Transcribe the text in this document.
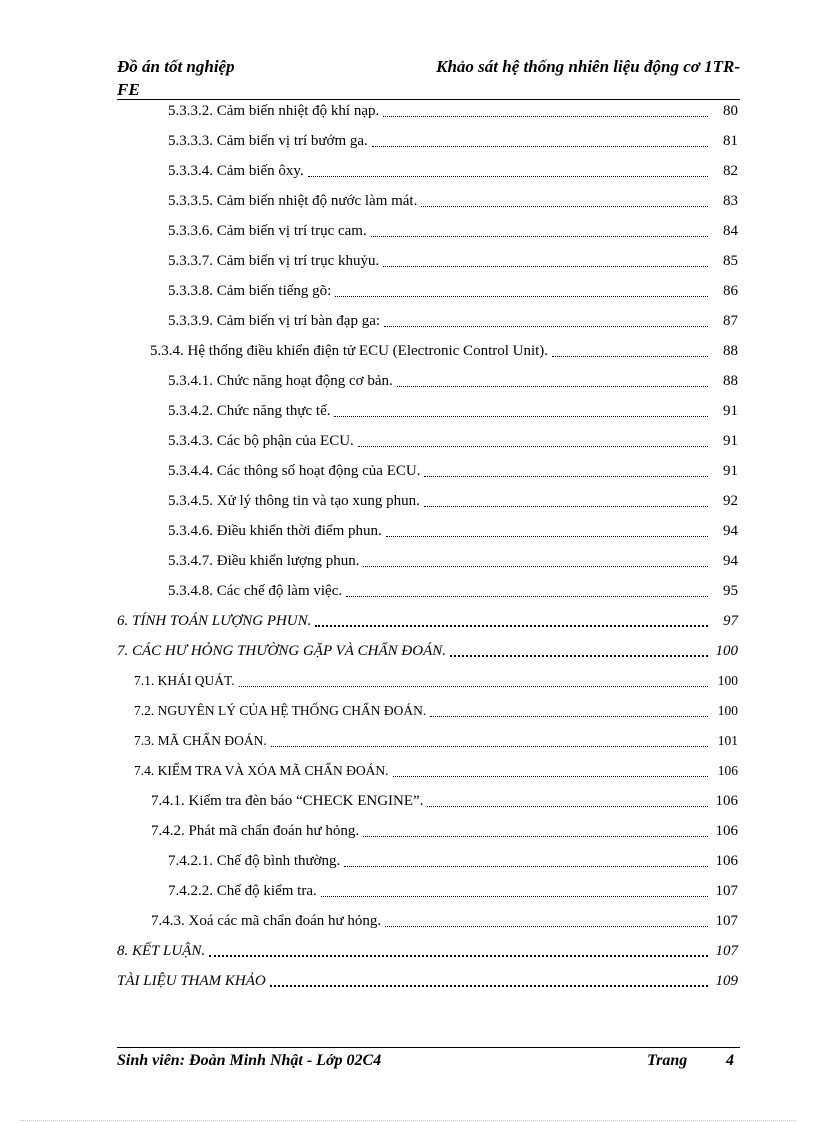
Đồ án tốt nghiệp	Khảo sát hệ thống nhiên liệu động cơ 1TR-
FE
5.3.3.2. Cảm biến nhiệt độ khí nạp.	80
5.3.3.3. Cảm biến vị trí bướm ga.	81
5.3.3.4. Cảm biến ôxy.	82
5.3.3.5. Cảm biến nhiệt độ nước làm mát.	83
5.3.3.6. Cảm biến vị trí trục cam.	84
5.3.3.7. Cảm biến vị trí trục khuỷu.	85
5.3.3.8. Cảm biến tiếng gõ:	86
5.3.3.9. Cảm biến vị trí bàn đạp ga:	87
5.3.4. Hệ thống điều khiển điện tử ECU (Electronic Control Unit).	88
5.3.4.1. Chức năng hoạt động cơ bản.	88
5.3.4.2. Chức năng thực tế.	91
5.3.4.3. Các bộ phận của ECU.	91
5.3.4.4. Các thông số hoạt động của ECU.	91
5.3.4.5. Xử lý thông tin và tạo xung phun.	92
5.3.4.6. Điều khiển thời điểm phun.	94
5.3.4.7. Điều khiển lượng phun.	94
5.3.4.8. Các chế độ làm việc.	95
6. TÍNH TOÁN LƯỢNG PHUN.	97
7. CÁC HƯ HỎNG THƯỜNG GẶP VÀ CHẨN ĐOÁN.	100
7.1. KHÁI QUÁT.	100
7.2. NGUYÊN LÝ CỦA HỆ THỐNG CHẨN ĐOÁN.	100
7.3. MÃ CHẨN ĐOÁN.	101
7.4. KIỂM TRA VÀ XÓA MÃ CHẨN ĐOÁN.	106
7.4.1. Kiểm tra đèn báo “CHECK ENGINE”.	106
7.4.2. Phát mã chẩn đoán hư hỏng.	106
7.4.2.1. Chế độ bình thường.	106
7.4.2.2. Chế độ kiểm tra.	107
7.4.3. Xoá các mã chẩn đoán hư hỏng.	107
8. KẾT LUẬN.	107
TÀI LIỆU THAM KHẢO	109
Sinh viên: Đoàn Minh Nhật - Lớp 02C4	Trang 4
